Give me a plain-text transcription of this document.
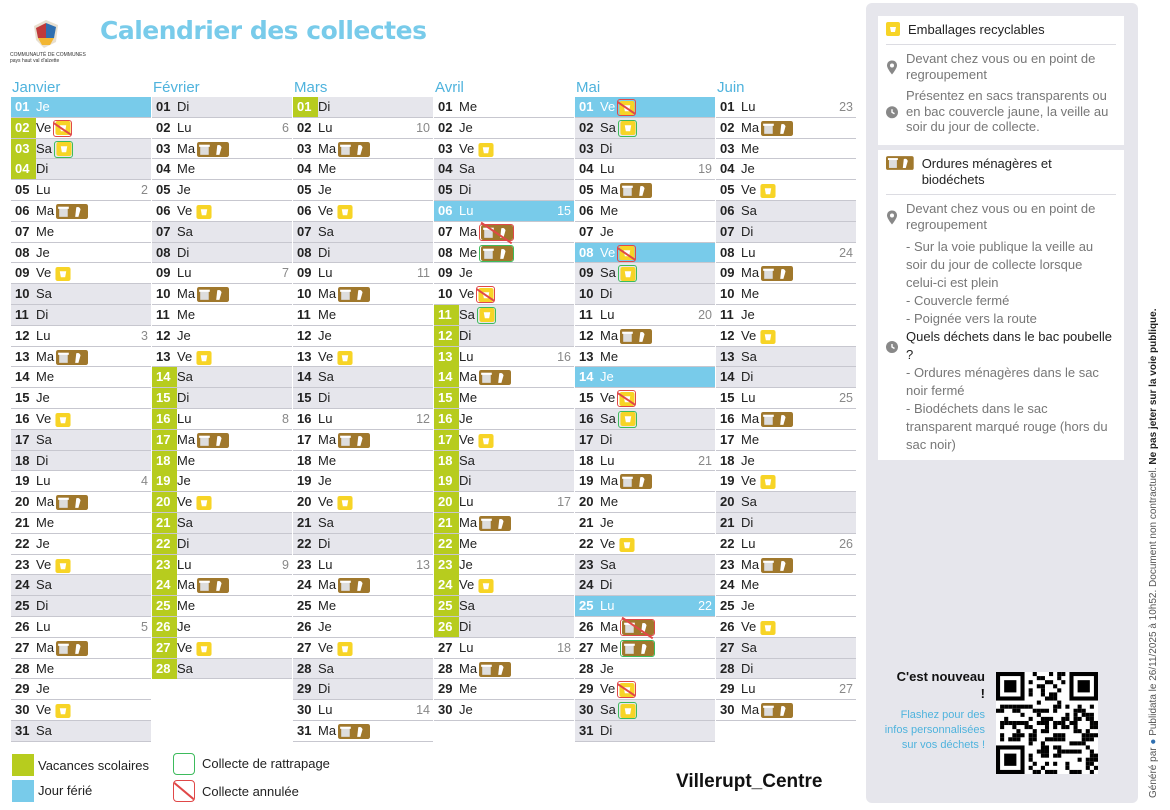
COMMUNAUTÉ DE COMMUNES pays haut val d'alzette
Calendrier des collectes
Janvier
01 Je
02 Ve
03 Sa
04 Di
05 Lu	2
06 Ma
07 Me
08 Je
09 Ve
10 Sa
11 Di
12 Lu	3
13 Ma
14 Me
15 Je
16 Ve
17 Sa
18 Di
19 Lu	4
20 Ma
21 Me
22 Je
23 Ve
24 Sa
25 Di
26 Lu	5
27 Ma
28 Me
29 Je
30 Ve
31 Sa
Février
01 Di
02 Lu	6
03 Ma
04 Me
05 Je
06 Ve
07 Sa
08 Di
09 Lu	7
10 Ma
11 Me
12 Je
13 Ve
14 Sa
15 Di
16 Lu	8
17 Ma
18 Me
19 Je
20 Ve
21 Sa
22 Di
23 Lu	9
24 Ma
25 Me
26 Je
27 Ve
28 Sa
Mars
01 Di
02 Lu	10
03 Ma
04 Me
05 Je
06 Ve
07 Sa
08 Di
09 Lu	11
10 Ma
11 Me
12 Je
13 Ve
14 Sa
15 Di
16 Lu	12
17 Ma
18 Me
19 Je
20 Ve
21 Sa
22 Di
23 Lu	13
24 Ma
25 Me
26 Je
27 Ve
28 Sa
29 Di
30 Lu	14
31 Ma
Avril
01 Me
02 Je
03 Ve
04 Sa
05 Di
06 Lu	15
07 Ma
08 Me
09 Je
10 Ve
11 Sa
12 Di
13 Lu	16
14 Ma
15 Me
16 Je
17 Ve
18 Sa
19 Di
20 Lu	17
21 Ma
22 Me
23 Je
24 Ve
25 Sa
26 Di
27 Lu	18
28 Ma
29 Me
30 Je
Mai
01 Ve
02 Sa
03 Di
04 Lu	19
05 Ma
06 Me
07 Je
08 Ve
09 Sa
10 Di
11 Lu	20
12 Ma
13 Me
14 Je
15 Ve
16 Sa
17 Di
18 Lu	21
19 Ma
20 Me
21 Je
22 Ve
23 Sa
24 Di
25 Lu	22
26 Ma
27 Me
28 Je
29 Ve
30 Sa
31 Di
Juin
01 Lu	23
02 Ma
03 Me
04 Je
05 Ve
06 Sa
07 Di
08 Lu	24
09 Ma
10 Me
11 Je
12 Ve
13 Sa
14 Di
15 Lu	25
16 Ma
17 Me
18 Je
19 Ve
20 Sa
21 Di
22 Lu	26
23 Ma
24 Me
25 Je
26 Ve
27 Sa
28 Di
29 Lu	27
30 Ma
Vacances scolaires
Jour férié
Collecte de rattrapage
Collecte annulée	Villerupt_Centre
Emballages recyclables
Devant chez vous ou en point de regroupement
Présentez en sacs transparents ou en bac couvercle jaune, la veille au soir du jour de collecte.
Ordures ménagères et biodéchets
Devant chez vous ou en point de regroupement
- Sur la voie publique la veille au soir du jour de collecte lorsque celui-ci est plein
- Couvercle fermé
- Poignée vers la route
Quels déchets dans le bac poubelle ?
- Ordures ménagères dans le sac noir fermé
- Biodéchets dans le sac transparent marqué rouge (hors du sac noir)
C'est nouveau !
Flashez pour des infos personnalisées sur vos déchets !
Généré par ● Publidata le 26/11/2025 à 10h52. Document non contractuel. Ne pas jeter sur la voie publique.
